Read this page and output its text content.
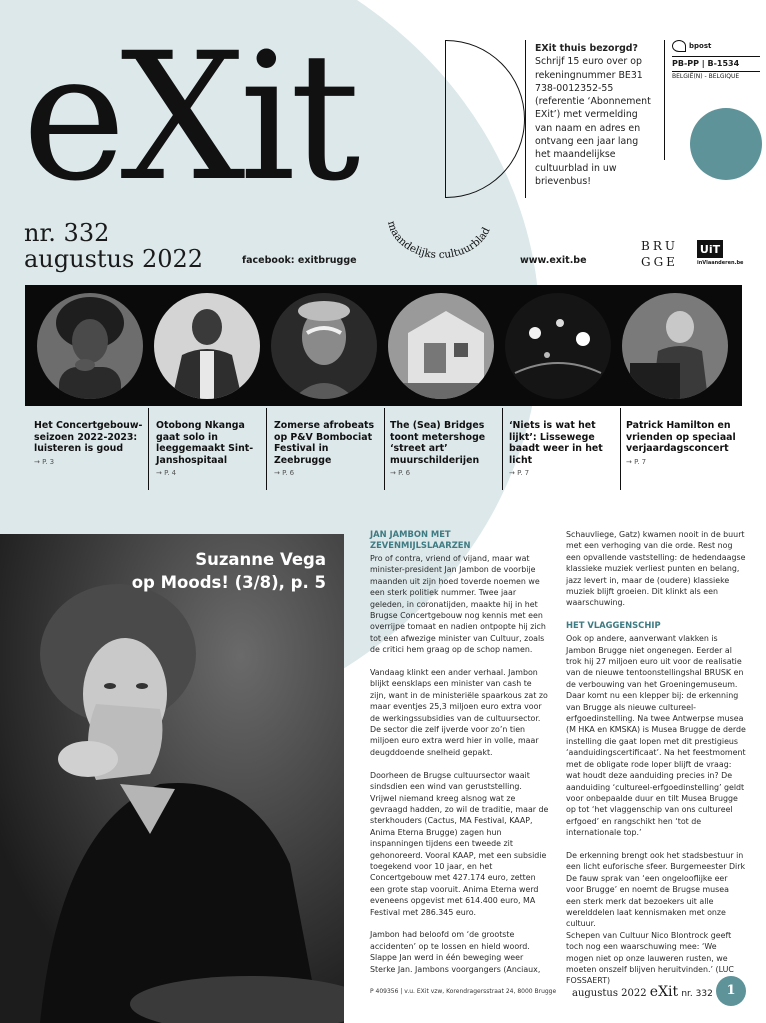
eXit	EXit thuis bezorgd?
Schrijf 15 euro over op rekeningnummer BE31 738-0012352-55 (referentie ‘Abonnement EXit’) met vermelding van naam en adres en ontvang een jaar lang het maandelijkse cultuurblad in uw brievenbus!
bpost
PB-PP | B-1534
BELGIË(N) - BELGIQUE
nr. 332
augustus 2022	facebook: exitbrugge
maandelijks cultuurblad
www.exit.be
BRU
GGE
UiT
inVlaanderen.be
Het Concertgebouw-seizoen 2022-2023: luisteren is goud
→ P. 3
Otobong Nkanga gaat solo in leeggemaakt Sint-Janshospitaal
→ P. 4
Zomerse afrobeats op P&V Bombociat Festival in Zeebrugge
→ P. 6
The (Sea) Bridges toont metershoge ‘street art’ muurschilderijen
→ P. 6
‘Niets is wat het lijkt’: Lissewege baadt weer in het licht
→ P. 7
Patrick Hamilton en vrienden op speciaal verjaardagsconcert
→ P. 7
Suzanne Vega
op Moods! (3/8), p. 5
JAN JAMBON MET
ZEVENMIJLSLAARZEN

Pro of contra, vriend of vijand, maar wat minister-president Jan Jambon de voorbije maanden uit zijn hoed toverde noemen we een sterk politiek nummer. Twee jaar geleden, in coronatijden, maakte hij in het Brugse Concertgebouw nog kennis met een overrijpe tomaat en nadien ontpopte hij zich tot een afwezige minister van Cultuur, zoals de critici hem graag op de schop namen.

Vandaag klinkt een ander verhaal. Jambon blijkt eensklaps een minister van cash te zijn, want in de ministeriële spaarkous zat zo maar eventjes 25,3 miljoen euro extra voor de werkingssubsidies van de cultuursector. De sector die zelf ijverde voor zo’n tien miljoen euro extra werd hier in volle, maar deugddoende snelheid gepakt.

Doorheen de Brugse cultuursector waait sindsdien een wind van geruststelling. Vrijwel niemand kreeg alsnog wat ze gevraagd hadden, zo wil de traditie, maar de sterkhouders (Cactus, MA Festival, KAAP, Anima Eterna Brugge) zagen hun inspanningen tijdens een tweede zit gehonoreerd. Vooral KAAP, met een subsidie toegekend voor 10 jaar, en het Concertgebouw met 427.174 euro, zetten een grote stap vooruit. Anima Eterna werd eveneens opgevist met 614.400 euro, MA Festival met 286.345 euro.

Jambon had beloofd om ‘de grootste accidenten’ op te lossen en hield woord. Slappe Jan werd in één beweging weer Sterke Jan. Jambons voorgangers (Anciaux,

Schauvliege, Gatz) kwamen nooit in de buurt met een verhoging van die orde. Rest nog een opvallende vaststelling: de hedendaagse klassieke muziek verliest punten en belang, jazz levert in, maar de (oudere) klassieke muziek blijft groeien. Dit klinkt als een waarschuwing.

HET VLAGGENSCHIP

Ook op andere, aanverwant vlakken is Jambon Brugge niet ongenegen. Eerder al trok hij 27 miljoen euro uit voor de realisatie van de nieuwe tentoonstellingshal BRUSK en de verbouwing van het Groeningemuseum. Daar komt nu een klepper bij: de erkenning van Brugge als nieuwe cultureel-erfgoedinstelling. Na twee Antwerpse musea (M HKA en KMSKA) is Musea Brugge de derde instelling die gaat lopen met dit prestigieus ‘aanduidingscertificaat’. Na het feestmoment met de obligate rode loper blijft de vraag: wat houdt deze aanduiding precies in? De aanduiding ‘cultureel-erfgoedinstelling’ geldt voor onbepaalde duur en tilt Musea Brugge op tot ‘het vlaggenschip van ons cultureel erfgoed’ en rangschikt hen ‘tot de internationale top.’

De erkenning brengt ook het stadsbestuur in een licht euforische sfeer. Burgemeester Dirk De fauw sprak van ‘een ongelooflijke eer voor Brugge’ en noemt de Brugse musea een sterk merk dat bezoekers uit alle werelddelen laat kennismaken met onze cultuur.

Schepen van Cultuur Nico Blontrock geeft toch nog een waarschuwing mee: ‘We mogen niet op onze lauweren rusten, we moeten onszelf blijven heruitvinden.’ (LUC FOSSAERT)

P 409356 | v.u. EXit vzw, Korendragersstraat 24, 8000 Brugge augustus 2022 eXit nr. 332	1
